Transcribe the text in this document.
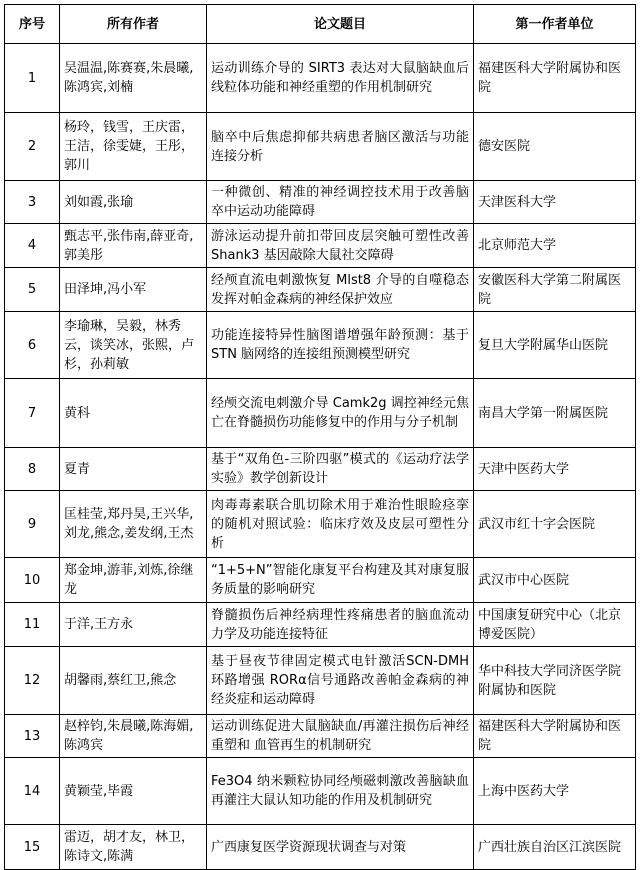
序号	所有作者	论文题目	第一作者单位
1	吴温温,陈赛赛,朱晨曦,陈鸿宾,刘楠	运动训练介导的 SIRT3 表达对大鼠脑缺血后线粒体功能和神经重塑的作用机制研究	福建医科大学附属协和医院
2	杨玲，钱雪，王庆雷，王洁，徐雯婕，王彤，郭川	脑卒中后焦虑抑郁共病患者脑区激活与功能连接分析	德安医院
3	刘如霞,张瑜	一种微创、精准的神经调控技术用于改善脑卒中运动功能障碍	天津医科大学
4	甄志平,张伟南,薛亚奇,郭美彤	游泳运动提升前扣带回皮层突触可塑性改善 Shank3 基因敲除大鼠社交障碍	北京师范大学
5	田泽坤,冯小军	经颅直流电刺激恢复 Mlst8 介导的自噬稳态发挥对帕金森病的神经保护效应	安徽医科大学第二附属医院
6	李瑜琳，吴毅，林秀云，谈笑冰，张熙，卢杉，孙莉敏	功能连接特异性脑图谱增强年龄预测：基于 STN 脑网络的连接组预测模型研究	复旦大学附属华山医院
7	黄科	经颅交流电刺激介导 Camk2g 调控神经元焦亡在脊髓损伤功能修复中的作用与分子机制	南昌大学第一附属医院
8	夏青	基于“双角色-三阶四驱”模式的《运动疗法学实验》教学创新设计	天津中医药大学
9	匡桂莹,郑丹昊,王兴华,刘龙,熊念,姜发纲,王杰	肉毒毒素联合肌切除术用于难治性眼睑痉挛的随机对照试验：临床疗效及皮层可塑性分析	武汉市红十字会医院
10	郑金坤,游菲,刘炼,徐继龙	“1+5+N”智能化康复平台构建及其对康复服务质量的影响研究	武汉市中心医院
11	于洋,王方永	脊髓损伤后神经病理性疼痛患者的脑血流动力学及功能连接特征	中国康复研究中心（北京博爱医院）
12	胡馨雨,蔡红卫,熊念	基于昼夜节律固定模式电针激活SCN-DMH 环路增强 RORα信号通路改善帕金森病的神经炎症和运动障碍	华中科技大学同济医学院附属协和医院
13	赵梓钧,朱晨曦,陈海媚,陈鸿宾	运动训练促进大鼠脑缺血/再灌注损伤后神经重塑和 血管再生的机制研究	福建医科大学附属协和医院
14	黄颖莹,毕霞	Fe3O4 纳米颗粒协同经颅磁刺激改善脑缺血再灌注大鼠认知功能的作用及机制研究	上海中医药大学
15	雷迈，胡才友，林卫，陈诗文,陈满	广西康复医学资源现状调查与对策	广西壮族自治区江滨医院
